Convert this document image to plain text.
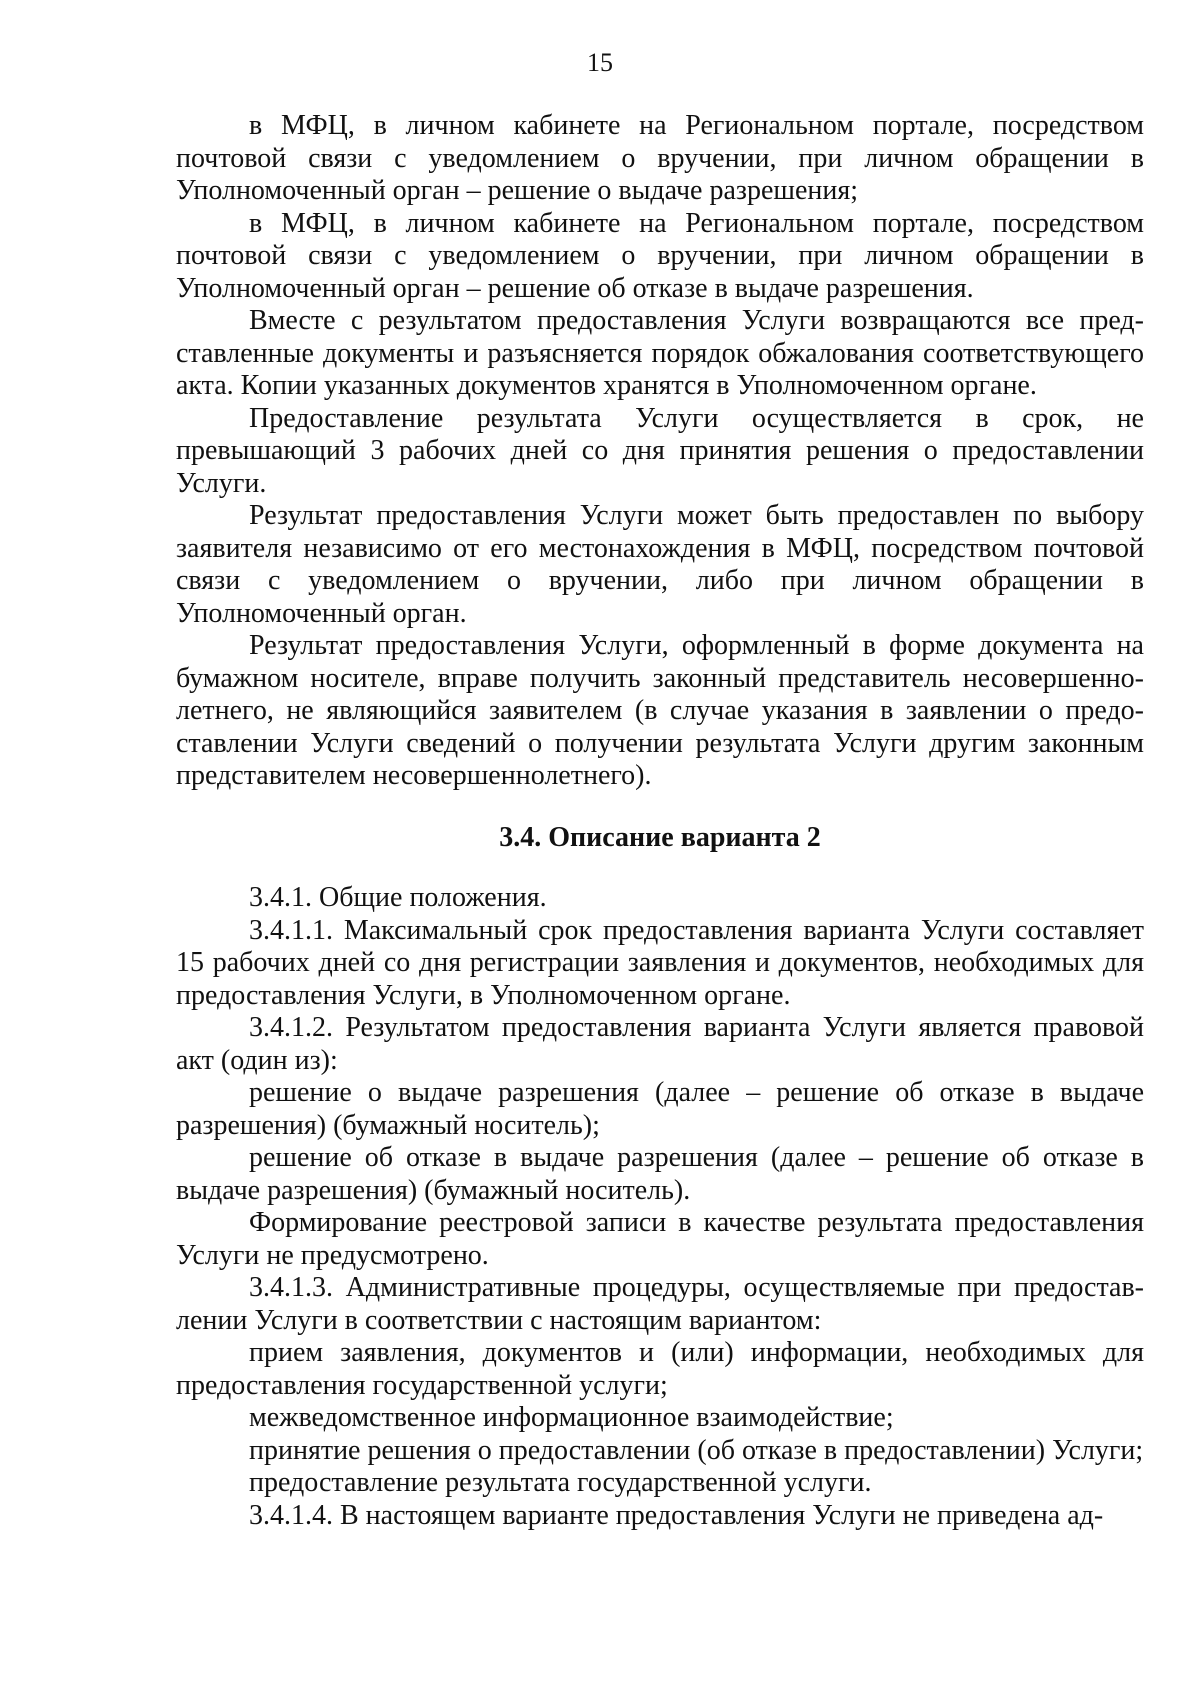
15

в МФЦ, в личном кабинете на Региональном портале, посредством почтовой связи с уведомлением о вручении, при личном обращении в Уполномоченный орган – решение о выдаче разрешения;

в МФЦ, в личном кабинете на Региональном портале, посредством почтовой связи с уведомлением о вручении, при личном обращении в Уполномоченный орган – решение об отказе в выдаче разрешения.

Вместе с результатом предоставления Услуги возвращаются все представленные документы и разъясняется порядок обжалования соответствующего акта. Копии указанных документов хранятся в Уполномоченном органе.

Предоставление результата Услуги осуществляется в срок, не превышающий 3 рабочих дней со дня принятия решения о предоставлении Услуги.

Результат предоставления Услуги может быть предоставлен по выбору заявителя независимо от его местонахождения в МФЦ, посредством почтовой связи с уведомлением о вручении, либо при личном обращении в Уполномоченный орган.

Результат предоставления Услуги, оформленный в форме документа на бумажном носителе, вправе получить законный представитель несовершеннолетнего, не являющийся заявителем (в случае указания в заявлении о предоставлении Услуги сведений о получении результата Услуги другим законным представителем несовершеннолетнего).

3.4. Описание варианта 2

3.4.1. Общие положения.

3.4.1.1. Максимальный срок предоставления варианта Услуги составляет 15 рабочих дней со дня регистрации заявления и документов, необходимых для предоставления Услуги, в Уполномоченном органе.

3.4.1.2. Результатом предоставления варианта Услуги является правовой акт (один из):

решение о выдаче разрешения (далее – решение об отказе в выдаче разрешения) (бумажный носитель);

решение об отказе в выдаче разрешения (далее – решение об отказе в выдаче разрешения) (бумажный носитель).

Формирование реестровой записи в качестве результата предоставления Услуги не предусмотрено.

3.4.1.3. Административные процедуры, осуществляемые при предоставлении Услуги в соответствии с настоящим вариантом:

прием заявления, документов и (или) информации, необходимых для предоставления государственной услуги;

межведомственное информационное взаимодействие;

принятие решения о предоставлении (об отказе в предоставлении) Услуги;

предоставление результата государственной услуги.

3.4.1.4. В настоящем варианте предоставления Услуги не приведена ад-
